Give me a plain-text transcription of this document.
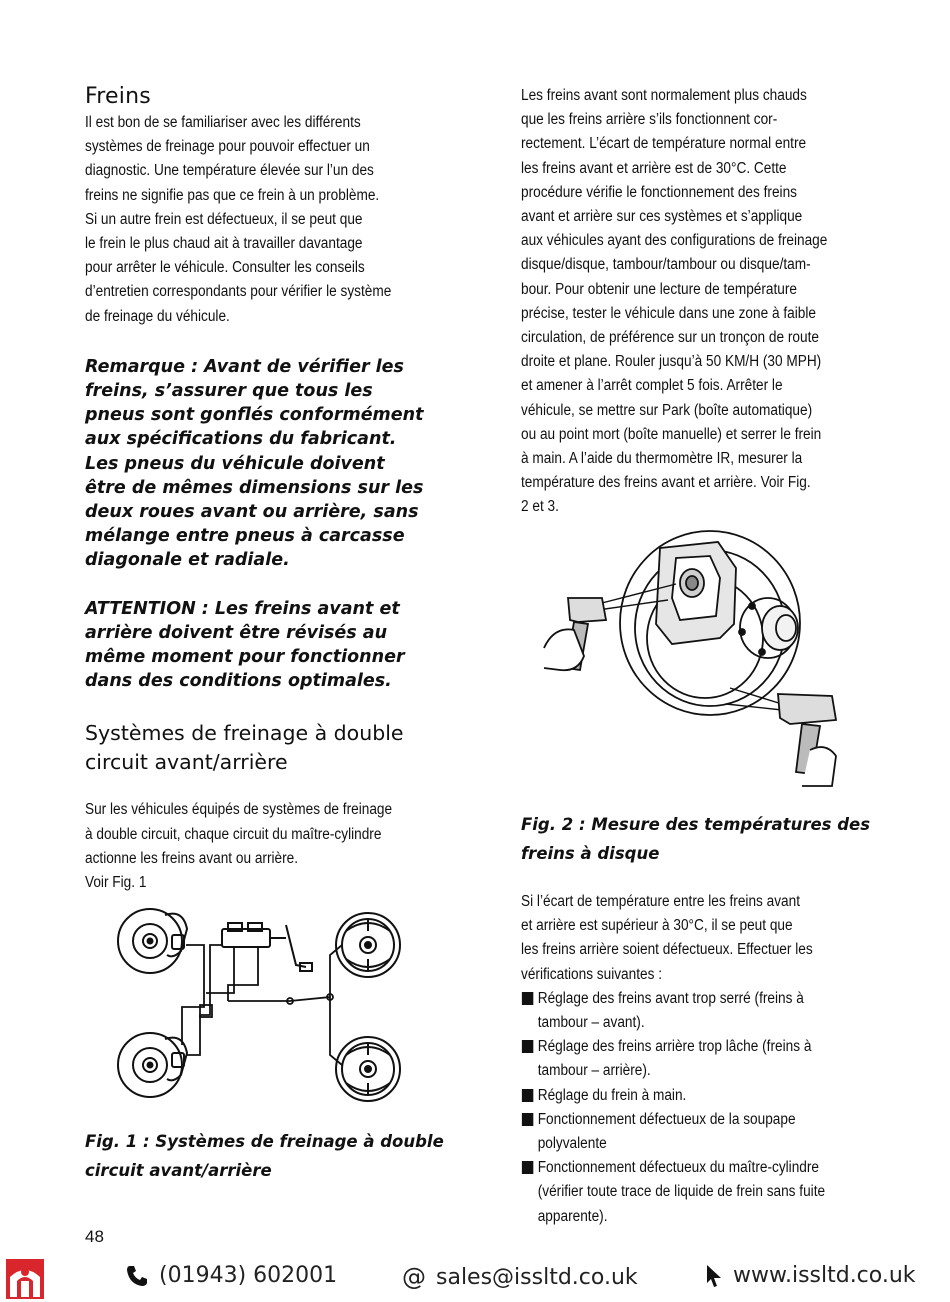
Freins

Il est bon de se familiariser avec les différents
systèmes de freinage pour pouvoir effectuer un
diagnostic. Une température élevée sur l’un des
freins ne signifie pas que ce frein à un problème.
Si un autre frein est défectueux, il se peut que
le frein le plus chaud ait à travailler davantage
pour arrêter le véhicule. Consulter les conseils
d’entretien correspondants pour vérifier le système
de freinage du véhicule.

Remarque : Avant de vérifier les
freins, s’assurer que tous les
pneus sont gonflés conformément
aux spécifications du fabricant.
Les pneus du véhicule doivent
être de mêmes dimensions sur les
deux roues avant ou arrière, sans
mélange entre pneus à carcasse
diagonale et radiale.

ATTENTION : Les freins avant et
arrière doivent être révisés au
même moment pour fonctionner
dans des conditions optimales.

Systèmes de freinage à double
circuit avant/arrière

Sur les véhicules équipés de systèmes de freinage
à double circuit, chaque circuit du maître-cylindre
actionne les freins avant ou arrière.
Voir Fig. 1

Les freins avant sont normalement plus chauds
que les freins arrière s’ils fonctionnent cor-
rectement. L’écart de température normal entre
les freins avant et arrière est de 30°C. Cette
procédure vérifie le fonctionnement des freins
avant et arrière sur ces systèmes et s’applique
aux véhicules ayant des configurations de freinage
disque/disque, tambour/tambour ou disque/tam-
bour. Pour obtenir une lecture de température
précise, tester le véhicule dans une zone à faible
circulation, de préférence sur un tronçon de route
droite et plane. Rouler jusqu’à 50 KM/H (30 MPH)
et amener à l’arrêt complet 5 fois. Arrêter le
véhicule, se mettre sur Park (boîte automatique)
ou au point mort (boîte manuelle) et serrer le frein
à main. A l’aide du thermomètre IR, mesurer la
température des freins avant et arrière. Voir Fig.
2 et 3.

Fig. 2 : Mesure des températures des
freins à disque

Si l’écart de température entre les freins avant
et arrière est supérieur à 30°C, il se peut que
les freins arrière soient défectueux. Effectuer les
vérifications suivantes :
Réglage des freins avant trop serré (freins à
tambour – avant).
Réglage des freins arrière trop lâche (freins à
tambour – arrière).
Réglage du frein à main.
Fonctionnement défectueux de la soupape
polyvalente
Fonctionnement défectueux du maître-cylindre
(vérifier toute trace de liquide de frein sans fuite
apparente).

Fig. 1 : Systèmes de freinage à double
circuit avant/arrière

48
(01943) 602001	@ sales@issltd.co.uk	www.issltd.co.uk
